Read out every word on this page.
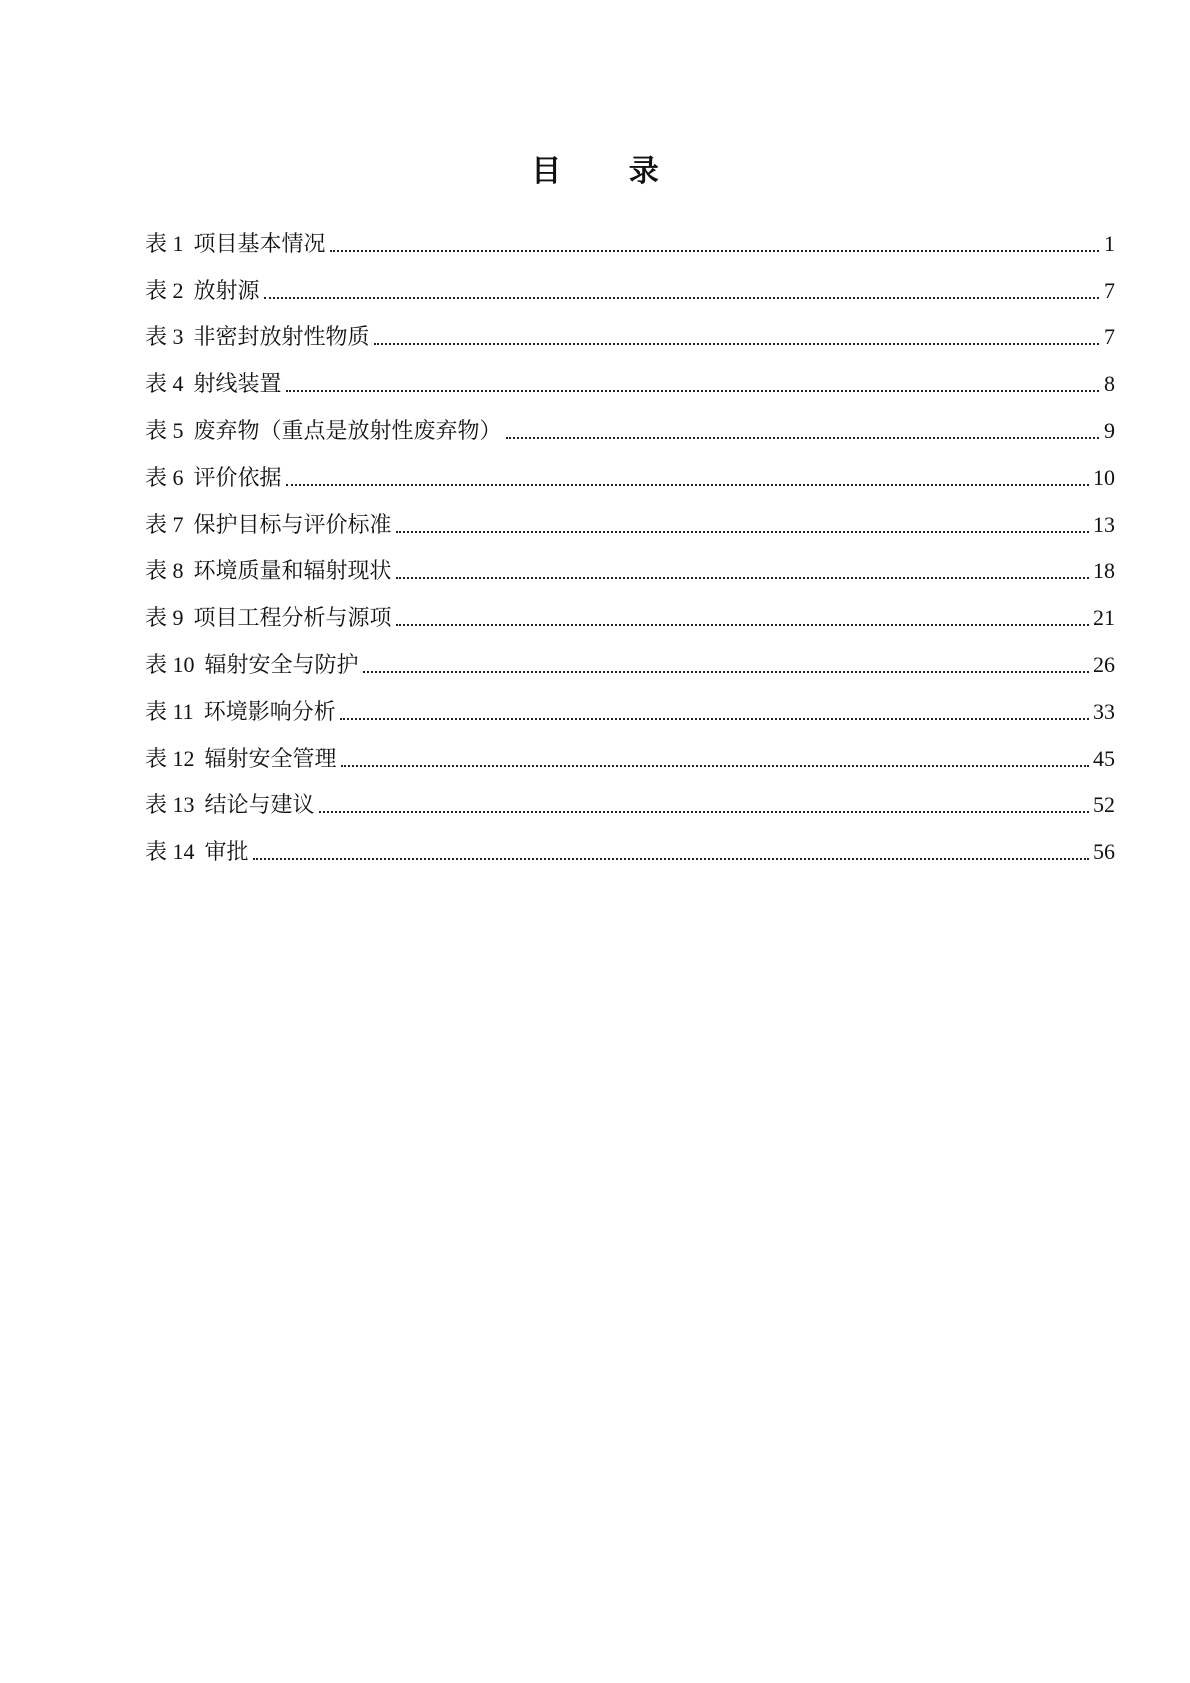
目 录
表 1 项目基本情况	1
表 2 放射源	7
表 3 非密封放射性物质	7
表 4 射线装置	8
表 5 废弃物（重点是放射性废弃物）	9
表 6 评价依据	10
表 7 保护目标与评价标准	13
表 8 环境质量和辐射现状	18
表 9 项目工程分析与源项	21
表 10 辐射安全与防护	26
表 11 环境影响分析	33
表 12 辐射安全管理	45
表 13 结论与建议	52
表 14 审批	56
